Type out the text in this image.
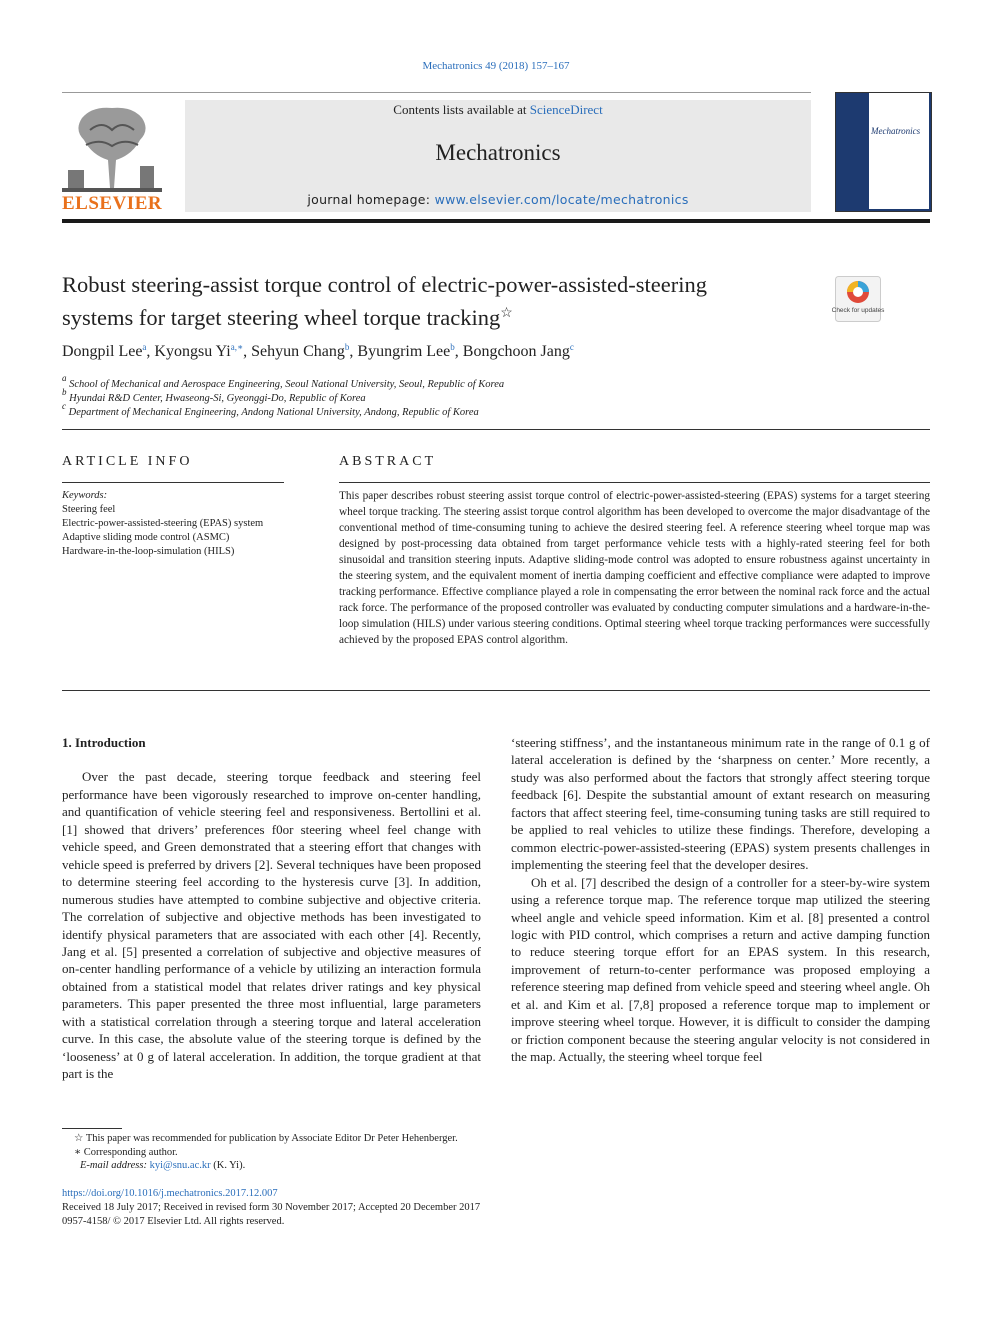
Mechatronics 49 (2018) 157–167
ELSEVIER
Contents lists available at ScienceDirect
Mechatronics
journal homepage: www.elsevier.com/locate/mechatronics
Mechatronics
Robust steering-assist torque control of electric-power-assisted-steering
systems for target steering wheel torque tracking☆	Check for updates
Dongpil Lee$^a$, Kyongsu $Yi^{a,∗}$, Sehyun Chang$^b$, Byungrim Lee$^b$, Bongchoon Jang$^c$
$^a$ School of Mechanical and Aerospace Engineering, Seoul National University, Seoul, Republic of Korea
$^b$ Hyundai R&D Center, Hwaseong-Si, Gyeonggi-Do, Republic of Korea
$^c$ Department of Mechanical Engineering, Andong National University, Andong, Republic of Korea
ARTICLE INFO
Keywords:
Steering feel
Electric-power-assisted-steering (EPAS) system
Adaptive sliding mode control (ASMC)
Hardware-in-the-loop-simulation (HILS)
ABSTRACT
This paper describes robust steering assist torque control of electric-power-assisted-steering (EPAS) systems for a target steering wheel torque tracking. The steering assist torque control algorithm has been developed to overcome the major disadvantage of the conventional method of time-consuming tuning to achieve the desired steering feel. A reference steering wheel torque map was designed by post-processing data obtained from target performance vehicle tests with a highly-rated steering feel for both sinusoidal and transition steering inputs. Adaptive sliding-mode control was adopted to ensure robustness against uncertainty in the steering system, and the equivalent moment of inertia damping coefficient and effective compliance were adapted to improve tracking performance. Effective compliance played a role in compensating the error between the nominal rack force and the actual rack force. The performance of the proposed controller was evaluated by conducting computer simulations and a hardware-in-the-loop simulation (HILS) under various steering conditions. Optimal steering wheel torque tracking performances were successfully achieved by the proposed EPAS control algorithm.
1. Introduction

Over the past decade, steering torque feedback and steering feel performance have been vigorously researched to improve on-center handling, and quantification of vehicle steering feel and responsiveness. Bertollini et al. [1] showed that drivers’ preferences f0or steering wheel feel change with vehicle speed, and Green demonstrated that a steering effort that changes with vehicle speed is preferred by drivers [2]. Several techniques have been proposed to determine steering feel according to the hysteresis curve [3]. In addition, numerous studies have attempted to combine subjective and objective criteria. The correlation of subjective and objective methods has been investigated to identify physical parameters that are associated with each other [4]. Recently, Jang et al. [5] presented a correlation of subjective and objective measures of on-center handling performance of a vehicle by utilizing an interaction formula obtained from a statistical model that relates driver ratings and key physical parameters. This paper presented the three most influential, large parameters with a statistical correlation through a steering torque and lateral acceleration curve. In this case, the absolute value of the steering torque is defined by the ‘looseness’ at 0 g of lateral acceleration. In addition, the torque gradient at that part is the

‘steering stiffness’, and the instantaneous minimum rate in the range of 0.1 g of lateral acceleration is defined by the ‘sharpness on center.’ More recently, a study was also performed about the factors that strongly affect steering torque feedback [6]. Despite the substantial amount of extant research on measuring factors that affect steering feel, time-consuming tuning tasks are still required to be applied to real vehicles to utilize these findings. Therefore, developing a common electric-power-assisted-steering (EPAS) system presents challenges in implementing the steering feel that the developer desires.

Oh et al. [7] described the design of a controller for a steer-by-wire system using a reference torque map. The reference torque map utilized the steering wheel angle and vehicle speed information. Kim et al. [8] presented a control logic with PID control, which comprises a return and active damping function to reduce steering torque effort for an EPAS system. In this research, improvement of return-to-center performance was proposed employing a reference steering map defined from vehicle speed and steering wheel angle. Oh et al. and Kim et al. [7,8] proposed a reference torque map to implement or improve steering wheel torque. However, it is difficult to consider the damping or friction component because the steering angular velocity is not considered in the map. Actually, the steering wheel torque feel

☆ This paper was recommended for publication by Associate Editor Dr Peter Hehenberger.
∗ Corresponding author.
E-mail address: kyi@snu.ac.kr (K. Yi).
https://doi.org/10.1016/j.mechatronics.2017.12.007
Received 18 July 2017; Received in revised form 30 November 2017; Accepted 20 December 2017
0957-4158/ © 2017 Elsevier Ltd. All rights reserved.
